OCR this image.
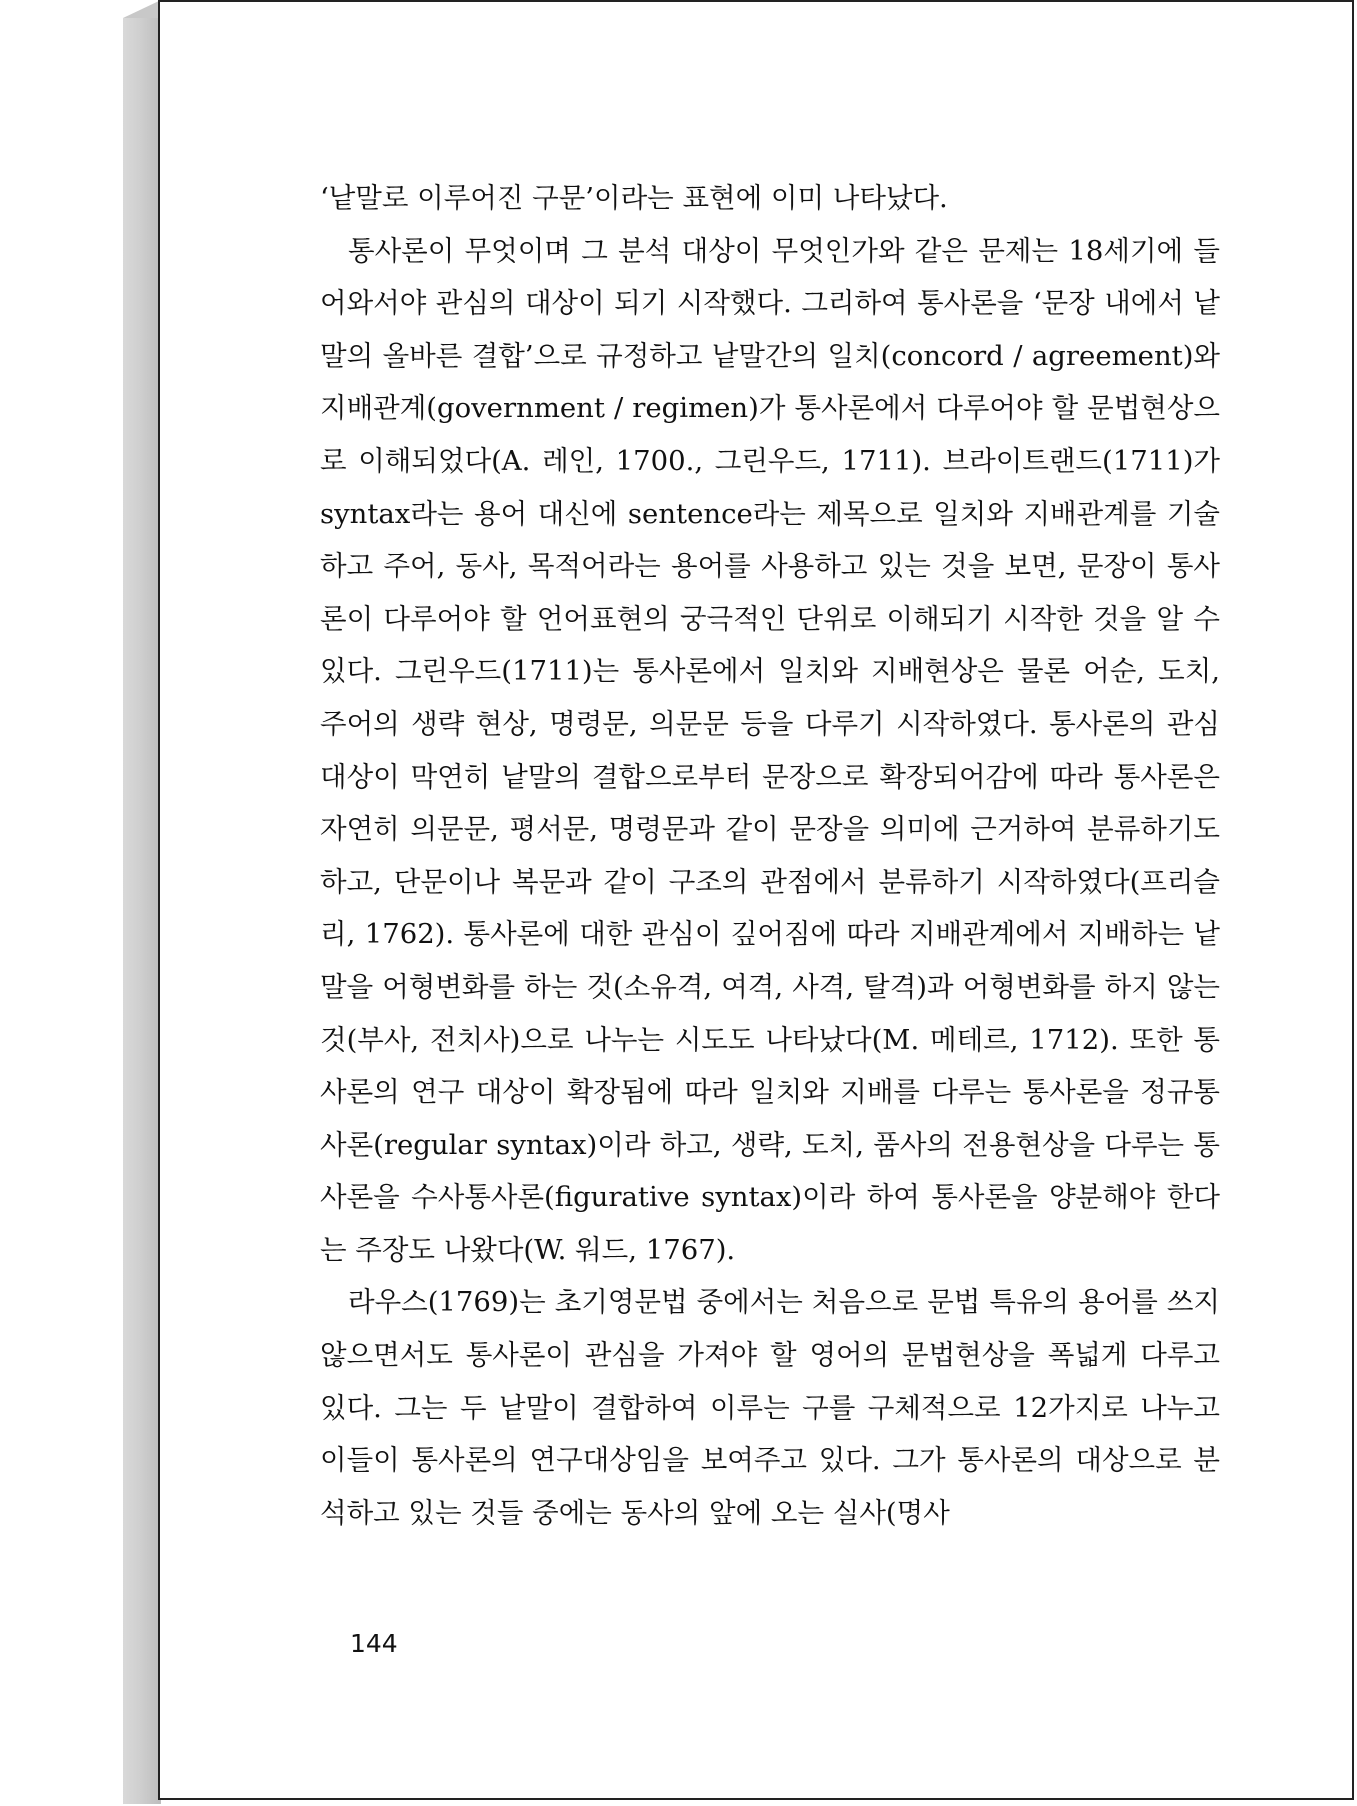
‘낱말로 이루어진 구문’이라는 표현에 이미 나타났다.

통사론이 무엇이며 그 분석 대상이 무엇인가와 같은 문제는 18세기에 들어와서야 관심의 대상이 되기 시작했다. 그리하여 통사론을 ‘문장 내에서 낱말의 올바른 결합’으로 규정하고 낱말간의 일치(concord / agreement)와 지배관계(government / regimen)가 통사론에서 다루어야 할 문법현상으로 이해되었다(A. 레인, 1700., 그린우드, 1711). 브라이트랜드(1711)가 syntax라는 용어 대신에 sentence라는 제목으로 일치와 지배관계를 기술하고 주어, 동사, 목적어라는 용어를 사용하고 있는 것을 보면, 문장이 통사론이 다루어야 할 언어표현의 궁극적인 단위로 이해되기 시작한 것을 알 수 있다. 그린우드(1711)는 통사론에서 일치와 지배현상은 물론 어순, 도치, 주어의 생략 현상, 명령문, 의문문 등을 다루기 시작하였다. 통사론의 관심대상이 막연히 낱말의 결합으로부터 문장으로 확장되어감에 따라 통사론은 자연히 의문문, 평서문, 명령문과 같이 문장을 의미에 근거하여 분류하기도 하고, 단문이나 복문과 같이 구조의 관점에서 분류하기 시작하였다(프리슬리, 1762). 통사론에 대한 관심이 깊어짐에 따라 지배관계에서 지배하는 낱말을 어형변화를 하는 것(소유격, 여격, 사격, 탈격)과 어형변화를 하지 않는 것(부사, 전치사)으로 나누는 시도도 나타났다(M. 메테르, 1712). 또한 통사론의 연구 대상이 확장됨에 따라 일치와 지배를 다루는 통사론을 정규통사론(regular syntax)이라 하고, 생략, 도치, 품사의 전용현상을 다루는 통사론을 수사통사론(figurative syntax)이라 하여 통사론을 양분해야 한다는 주장도 나왔다(W. 워드, 1767).

라우스(1769)는 초기영문법 중에서는 처음으로 문법 특유의 용어를 쓰지 않으면서도 통사론이 관심을 가져야 할 영어의 문법현상을 폭넓게 다루고 있다. 그는 두 낱말이 결합하여 이루는 구를 구체적으로 12가지로 나누고 이들이 통사론의 연구대상임을 보여주고 있다. 그가 통사론의 대상으로 분석하고 있는 것들 중에는 동사의 앞에 오는 실사(명사

144
